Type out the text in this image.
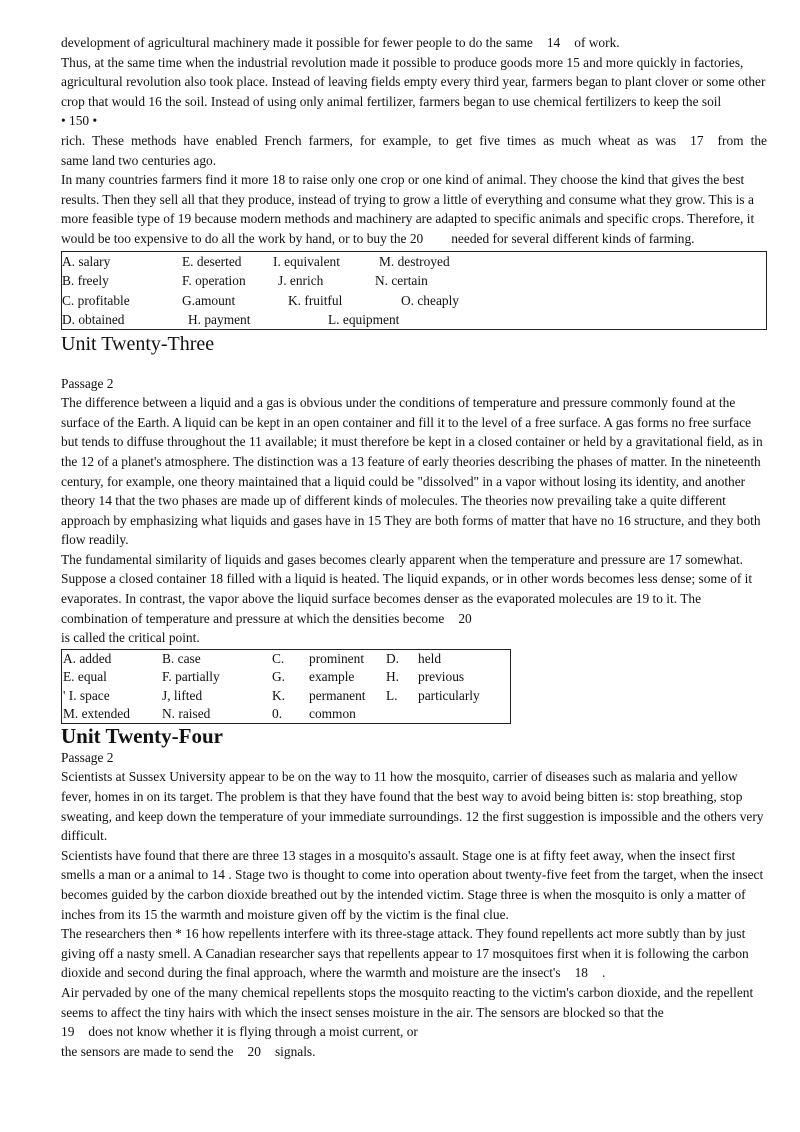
development of agricultural machinery made it possible for fewer people to do the same 14 of work.

Thus, at the same time when the industrial revolution made it possible to produce goods more 15 and more quickly in factories, agricultural revolution also took place. Instead of leaving fields empty every third year, farmers began to plant clover or some other crop that would 16 the soil. Instead of using only animal fertilizer, farmers began to use chemical fertilizers to keep the soil

• 150 •

rich. These methods have enabled French farmers, for example, to get five times as much wheat as was 17 from the

same land two centuries ago.

In many countries farmers find it more 18 to raise only one crop or one kind of animal. They choose the kind that gives the best results. Then they sell all that they produce, instead of trying to grow a little of everything and consume what they grow. This is a more feasible type of 19 because modern methods and machinery are adapted to specific animals and specific crops. Therefore, it would be too expensive to do all the work by hand, or to buy the 20 needed for several different kinds of farming.

A. salary	E. deserted I. equivalent	M. destroyed
B. freely	F. operation J. enrich	N. certain
C. profitable	G.amount	K. fruitful	O. cheaply
D. obtained	H. payment	L. equipment

Unit Twenty-Three

Passage 2

The difference between a liquid and a gas is obvious under the conditions of temperature and pressure commonly found at the surface of the Earth. A liquid can be kept in an open container and fill it to the level of a free surface. A gas forms no free surface but tends to diffuse throughout the 11 available; it must therefore be kept in a closed container or held by a gravitational field, as in the 12 of a planet's atmosphere. The distinction was a 13 feature of early theories describing the phases of matter. In the nineteenth century, for example, one theory maintained that a liquid could be "dissolved" in a vapor without losing its identity, and another theory 14 that the two phases are made up of different kinds of molecules. The theories now prevailing take a quite different approach by emphasizing what liquids and gases have in 15 They are both forms of matter that have no 16 structure, and they both flow readily.

The fundamental similarity of liquids and gases becomes clearly apparent when the temperature and pressure are 17 somewhat. Suppose a closed container 18 filled with a liquid is heated. The liquid expands, or in other words becomes less dense; some of it evaporates. In contrast, the vapor above the liquid surface becomes denser as the evaporated molecules are 19 to it. The combination of temperature and pressure at which the densities become 20

is called the critical point.

A. added	B. case	C. prominent D. held
E. equal	F. partially	G. example H. previous
' I. space	J, lifted	K. permanent L. particularly
M. extended N. raised	0. common

Unit Twenty-Four

Passage 2

Scientists at Sussex University appear to be on the way to 11 how the mosquito, carrier of diseases such as malaria and yellow fever, homes in on its target. The problem is that they have found that the best way to avoid being bitten is: stop breathing, stop sweating, and keep down the temperature of your immediate surroundings. 12 the first suggestion is impossible and the others very difficult.

Scientists have found that there are three 13 stages in a mosquito's assault. Stage one is at fifty feet away, when the insect first smells a man or a animal to 14 . Stage two is thought to come into operation about twenty-five feet from the target, when the insect becomes guided by the carbon dioxide breathed out by the intended victim. Stage three is when the mosquito is only a matter of inches from its 15 the warmth and moisture given off by the victim is the final clue.

The researchers then * 16 how repellents interfere with its three-stage attack. They found repellents act more subtly than by just giving off a nasty smell. A Canadian researcher says that repellents appear to 17 mosquitoes first when it is following the carbon dioxide and second during the final approach, where the warmth and moisture are the insect's 18 .

Air pervaded by one of the many chemical repellents stops the mosquito reacting to the victim's carbon dioxide, and the repellent seems to affect the tiny hairs with which the insect senses moisture in the air. The sensors are blocked so that the

19 does not know whether it is flying through a moist current, or

the sensors are made to send the 20 signals.
